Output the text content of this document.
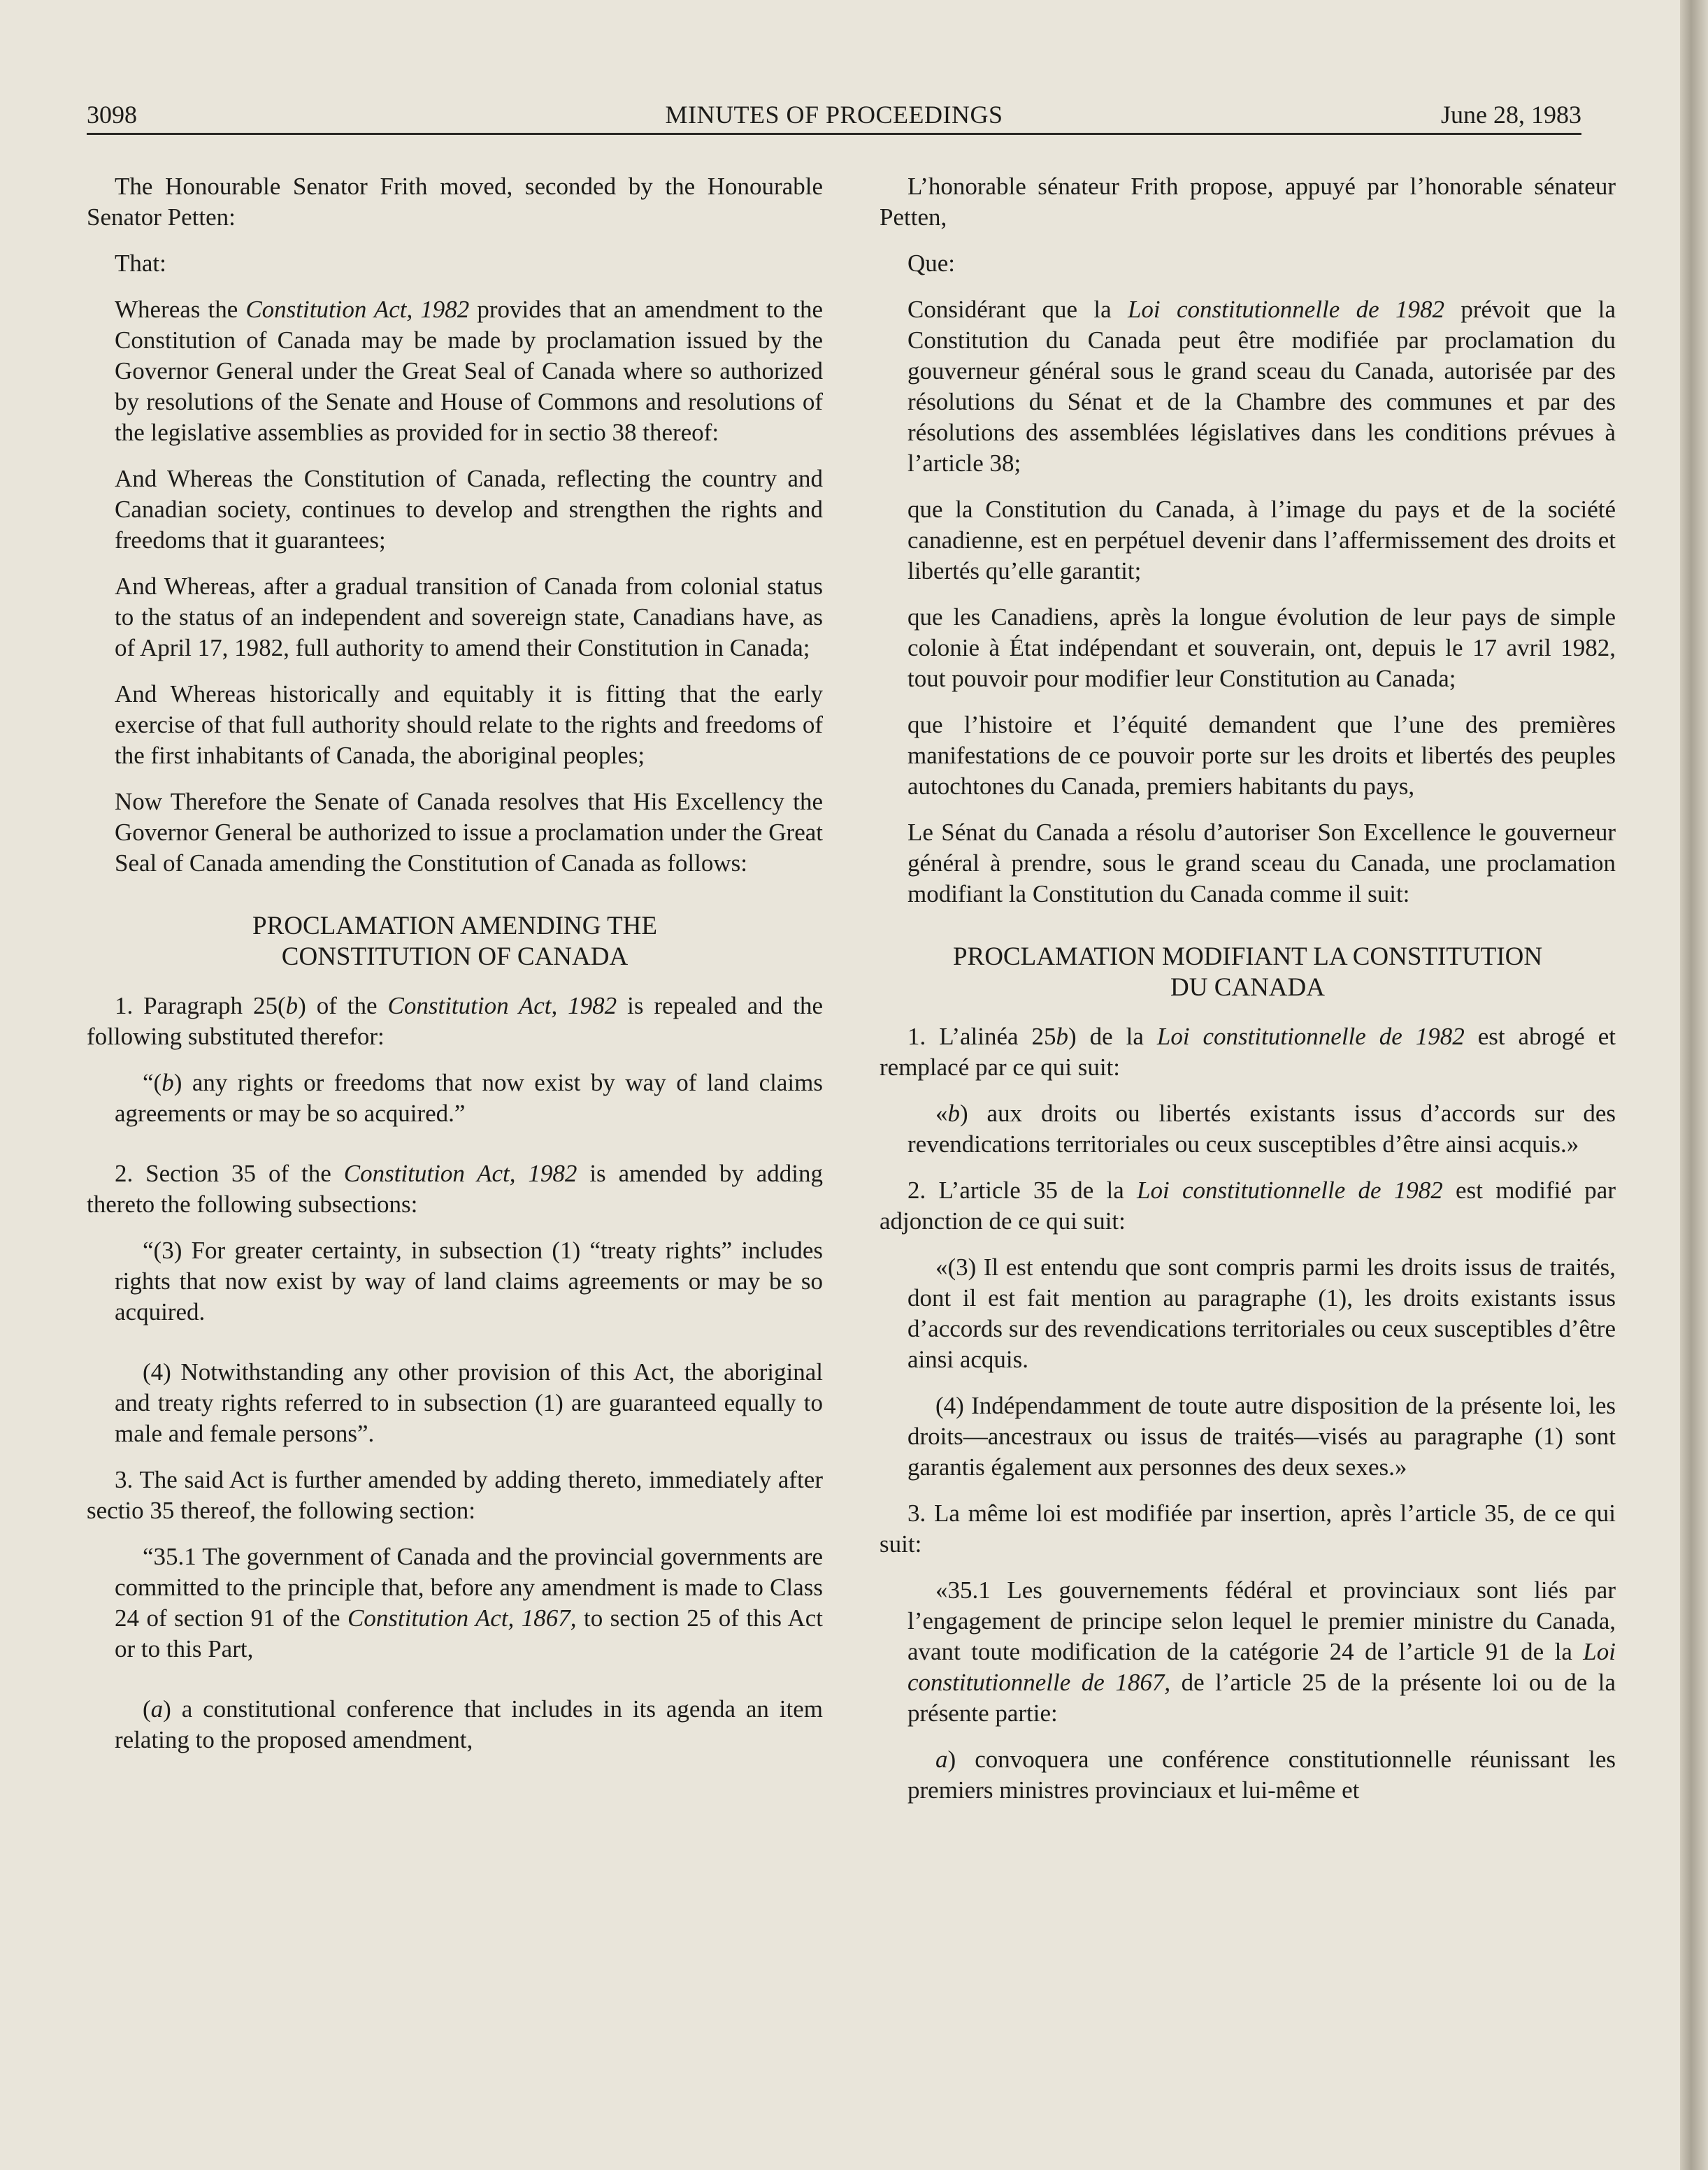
3098	MINUTES OF PROCEEDINGS	June 28, 1983

The Honourable Senator Frith moved, seconded by the Honourable Senator Petten:

That:

Whereas the Constitution Act, 1982 provides that an amendment to the Constitution of Canada may be made by proclamation issued by the Governor General under the Great Seal of Canada where so authorized by resolutions of the Senate and House of Commons and resolutions of the legislative assemblies as provided for in sectio 38 thereof:

And Whereas the Constitution of Canada, reflecting the country and Canadian society, continues to develop and strengthen the rights and freedoms that it guarantees;

And Whereas, after a gradual transition of Canada from colonial status to the status of an independent and sovereign state, Canadians have, as of April 17, 1982, full authority to amend their Constitution in Canada;

And Whereas historically and equitably it is fitting that the early exercise of that full authority should relate to the rights and freedoms of the first inhabitants of Canada, the aboriginal peoples;

Now Therefore the Senate of Canada resolves that His Excellency the Governor General be authorized to issue a proclamation under the Great Seal of Canada amending the Constitution of Canada as follows:

PROCLAMATION AMENDING THE
CONSTITUTION OF CANADA

1. Paragraph 25(b) of the Constitution Act, 1982 is repealed and the following substituted therefor:

“(b) any rights or freedoms that now exist by way of land claims agreements or may be so acquired.”

2. Section 35 of the Constitution Act, 1982 is amended by adding thereto the following subsections:

“(3) For greater certainty, in subsection (1) “treaty rights” includes rights that now exist by way of land claims agreements or may be so acquired.

(4) Notwithstanding any other provision of this Act, the aboriginal and treaty rights referred to in subsection (1) are guaranteed equally to male and female persons”.

3. The said Act is further amended by adding thereto, immediately after sectio 35 thereof, the following section:

“35.1 The government of Canada and the provincial governments are committed to the principle that, before any amendment is made to Class 24 of section 91 of the Constitution Act, 1867, to section 25 of this Act or to this Part,

(a) a constitutional conference that includes in its agenda an item relating to the proposed amendment,

L’honorable sénateur Frith propose, appuyé par l’honorable sénateur Petten,

Que:

Considérant que la Loi constitutionnelle de 1982 prévoit que la Constitution du Canada peut être modifiée par proclamation du gouverneur général sous le grand sceau du Canada, autorisée par des résolutions du Sénat et de la Chambre des communes et par des résolutions des assemblées législatives dans les conditions prévues à l’article 38;

que la Constitution du Canada, à l’image du pays et de la société canadienne, est en perpétuel devenir dans l’affermissement des droits et libertés qu’elle garantit;

que les Canadiens, après la longue évolution de leur pays de simple colonie à État indépendant et souverain, ont, depuis le 17 avril 1982, tout pouvoir pour modifier leur Constitution au Canada;

que l’histoire et l’équité demandent que l’une des premières manifestations de ce pouvoir porte sur les droits et libertés des peuples autochtones du Canada, premiers habitants du pays,

Le Sénat du Canada a résolu d’autoriser Son Excellence le gouverneur général à prendre, sous le grand sceau du Canada, une proclamation modifiant la Constitution du Canada comme il suit:

PROCLAMATION MODIFIANT LA CONSTITUTION
DU CANADA

1. L’alinéa 25b) de la Loi constitutionnelle de 1982 est abrogé et remplacé par ce qui suit:

«b) aux droits ou libertés existants issus d’accords sur des revendications territoriales ou ceux susceptibles d’être ainsi acquis.»

2. L’article 35 de la Loi constitutionnelle de 1982 est modifié par adjonction de ce qui suit:

«(3) Il est entendu que sont compris parmi les droits issus de traités, dont il est fait mention au paragraphe (1), les droits existants issus d’accords sur des revendications territoriales ou ceux susceptibles d’être ainsi acquis.

(4) Indépendamment de toute autre disposition de la présente loi, les droits—ancestraux ou issus de traités—visés au paragraphe (1) sont garantis également aux personnes des deux sexes.»

3. La même loi est modifiée par insertion, après l’article 35, de ce qui suit:

«35.1 Les gouvernements fédéral et provinciaux sont liés par l’engagement de principe selon lequel le premier ministre du Canada, avant toute modification de la catégorie 24 de l’article 91 de la Loi constitutionnelle de 1867, de l’article 25 de la présente loi ou de la présente partie:

a) convoquera une conférence constitutionnelle réunissant les premiers ministres provinciaux et lui-même et
